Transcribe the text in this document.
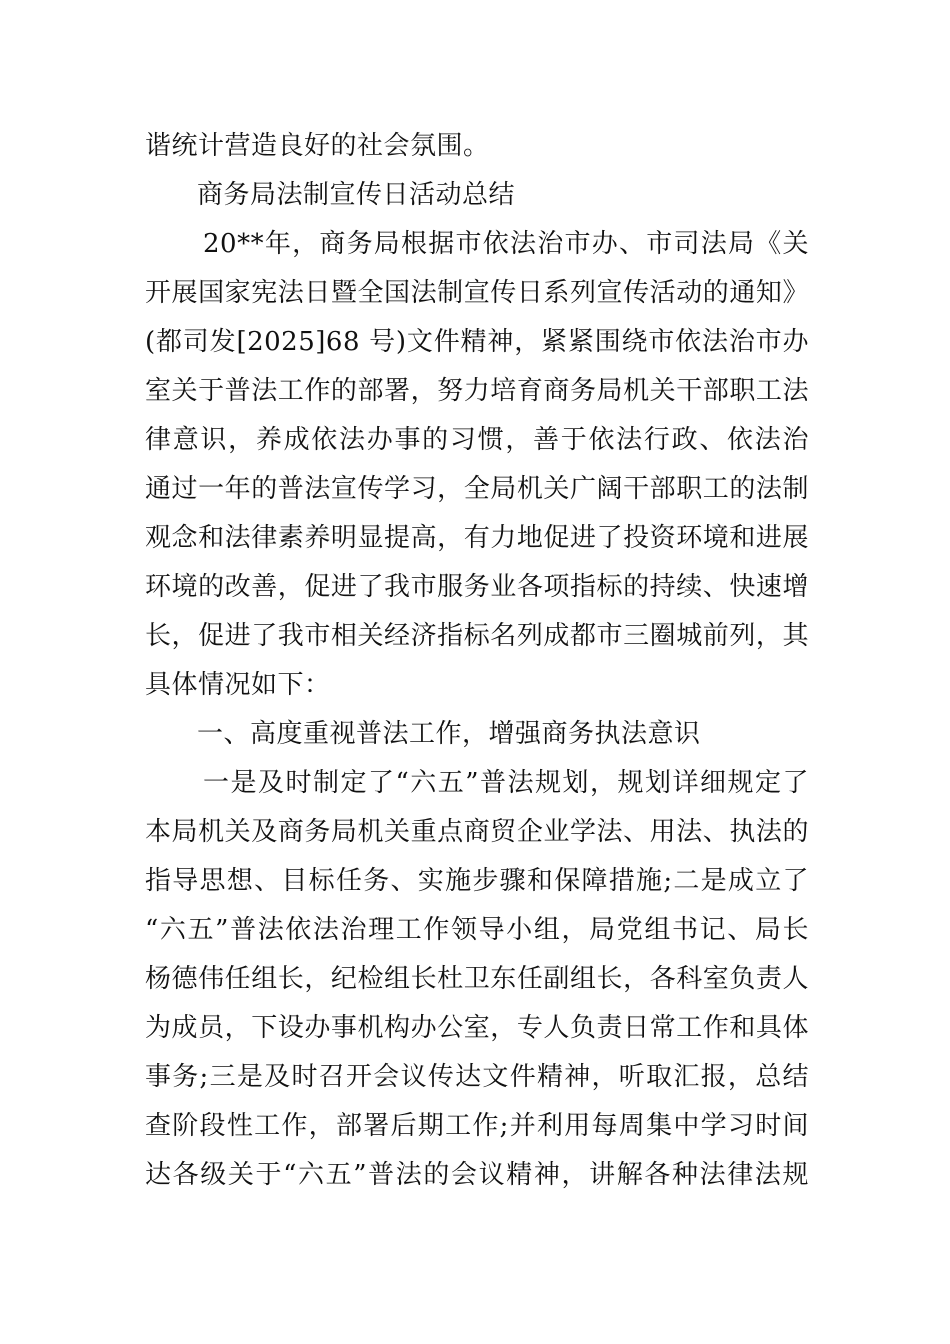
谐统计营造良好的社会氛围。
商务局法制宣传日活动总结
20**年，商务局根据市依法治市办、市司法局《关
开展国家宪法日暨全国法制宣传日系列宣传活动的通知》
(都司发[2025]68 号)文件精神，紧紧围绕市依法治市办
室关于普法工作的部署，努力培育商务局机关干部职工法
律意识，养成依法办事的习惯，善于依法行政、依法治
通过一年的普法宣传学习，全局机关广阔干部职工的法制
观念和法律素养明显提高，有力地促进了投资环境和进展
环境的改善，促进了我市服务业各项指标的持续、快速增
长，促进了我市相关经济指标名列成都市三圈城前列，其
具体情况如下：
一、高度重视普法工作，增强商务执法意识
一是及时制定了“六五”普法规划，规划详细规定了
本局机关及商务局机关重点商贸企业学法、用法、执法的
指导思想、目标任务、实施步骤和保障措施;二是成立了
“六五”普法依法治理工作领导小组，局党组书记、局长
杨德伟任组长，纪检组长杜卫东任副组长，各科室负责人
为成员，下设办事机构办公室，专人负责日常工作和具体
事务;三是及时召开会议传达文件精神，听取汇报，总结
查阶段性工作，部署后期工作;并利用每周集中学习时间
达各级关于“六五”普法的会议精神，讲解各种法律法规
